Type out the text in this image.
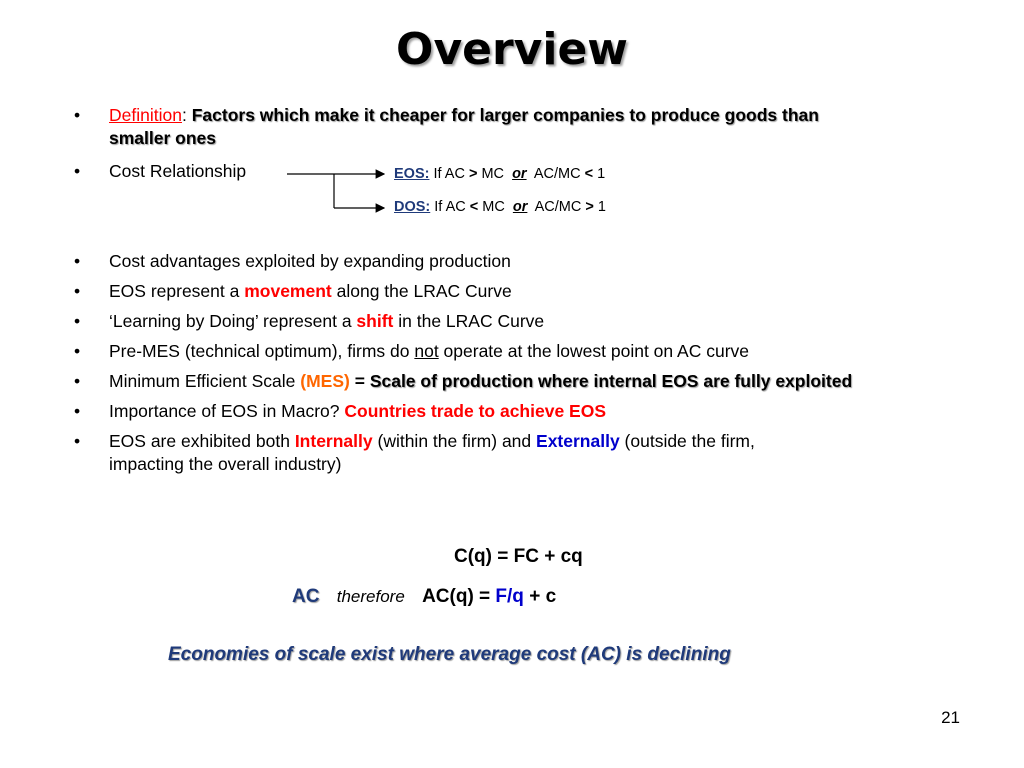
Overview
•	Definition: Factors which make it cheaper for larger companies to produce goods than
smaller ones
•	Cost Relationship
•	Cost advantages exploited by expanding production
•	EOS represent a movement along the LRAC Curve
•	‘Learning by Doing’ represent a shift in the LRAC Curve
•	Pre-MES (technical optimum), firms do not operate at the lowest point on AC curve
•	Minimum Efficient Scale (MES) = Scale of production where internal EOS are fully exploited
•	Importance of EOS in Macro? Countries trade to achieve EOS
•	EOS are exhibited both Internally (within the firm) and Externally (outside the firm,
impacting the overall industry)
EOS: If AC > MC or AC/MC < 1
DOS: If AC < MC or AC/MC > 1
C(q) = FC + cq
AC therefore AC(q) = F/q + c
Economies of scale exist where average cost (AC) is declining
21
